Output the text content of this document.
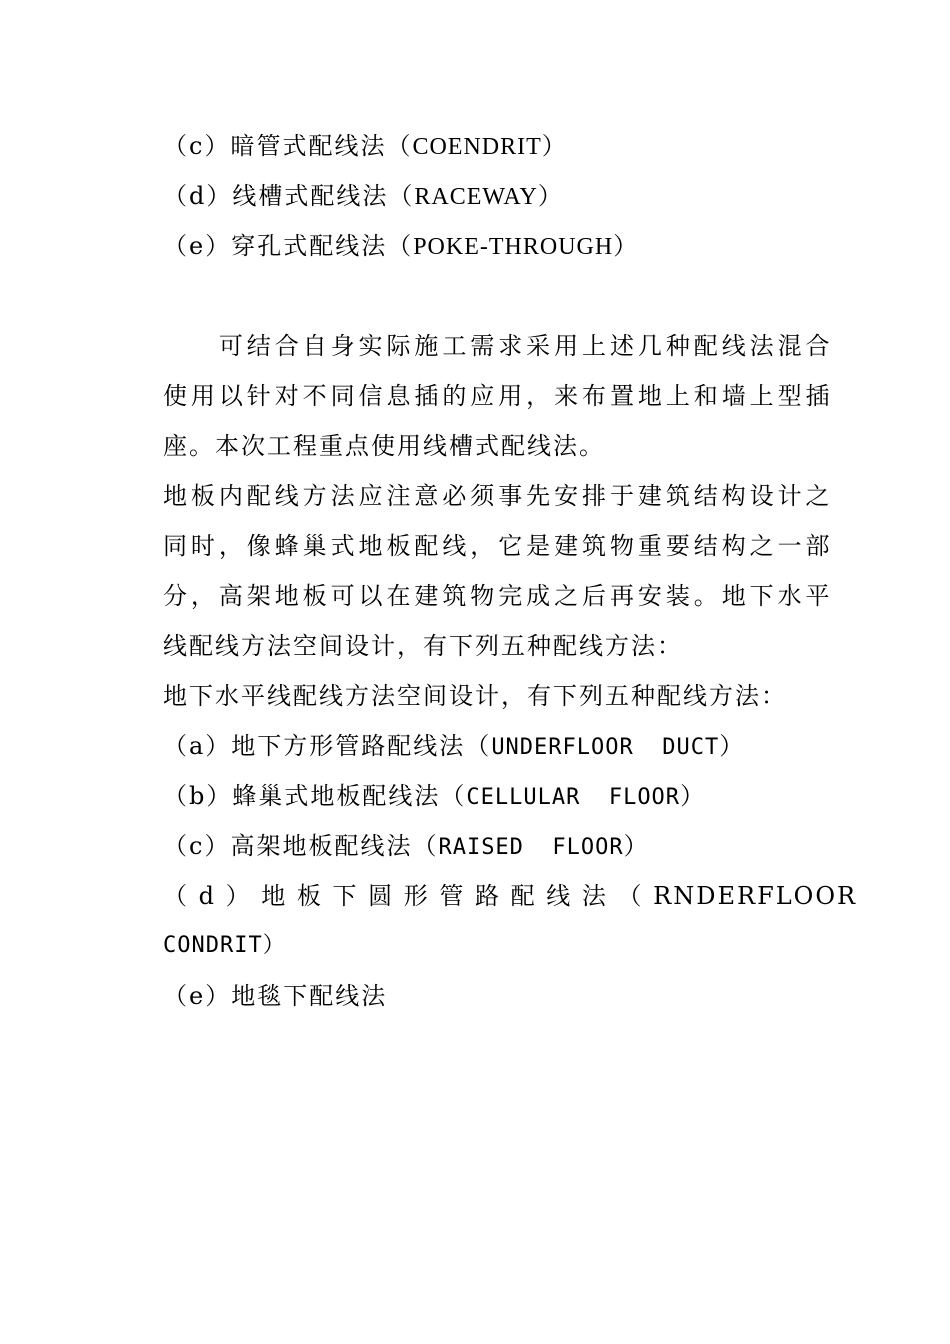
（c）暗管式配线法（COENDRIT）
（d）线槽式配线法（RACEWAY）
（e）穿孔式配线法（POKE-THROUGH）
　　可结合自身实际施工需求采用上述几种配线法混合
使用以针对不同信息插的应用，来布置地上和墙上型插
座。本次工程重点使用线槽式配线法。
地板内配线方法应注意必须事先安排于建筑结构设计之
同时，像蜂巢式地板配线，它是建筑物重要结构之一部
分，高架地板可以在建筑物完成之后再安装。地下水平
线配线方法空间设计，有下列五种配线方法：
地下水平线配线方法空间设计，有下列五种配线方法：
（a）地下方形管路配线法（UNDERFLOOR  DUCT）
（b）蜂巢式地板配线法（CELLULAR  FLOOR）
（c）高架地板配线法（RAISED  FLOOR）
（ d ） 地 板 下 圆 形 管 路 配 线 法 （ RNDERFLOOR
CONDRIT）
（e）地毯下配线法
